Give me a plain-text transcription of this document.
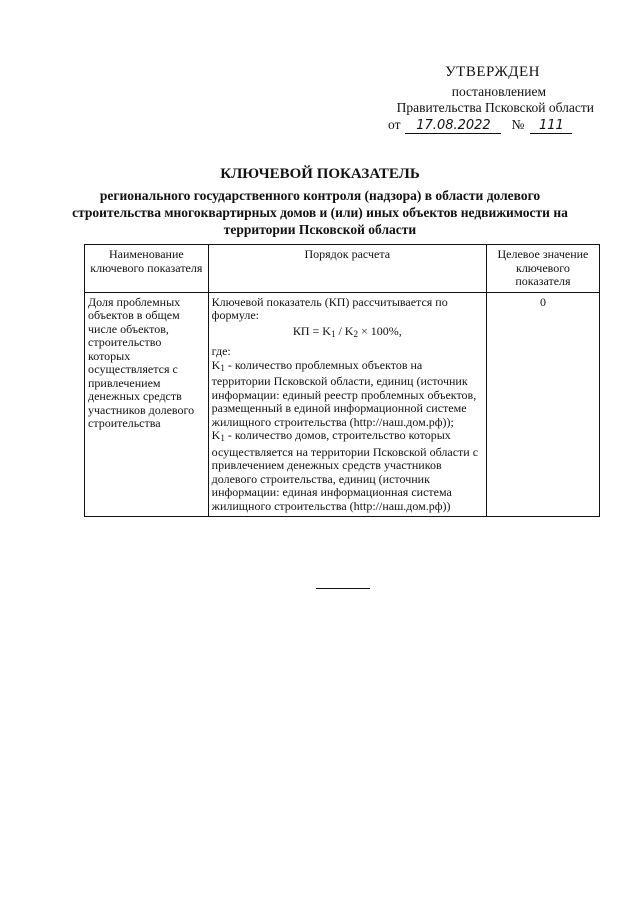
УТВЕРЖДЕН
постановлением
Правительства Псковской области
от	17.08.2022	№	111
КЛЮЧЕВОЙ ПОКАЗАТЕЛЬ
регионального государственного контроля (надзора) в области долевого строительства многоквартирных домов и (или) иных объектов недвижимости на территории Псковской области
Наименование ключевого показателя	Порядок расчета	Целевое значение ключевого показателя
Доля проблемных объектов в общем числе объектов, строительство которых осуществляется с привлечением денежных средств участников долевого строительства	Ключевой показатель (КП) рассчитывается по формуле:
КП = $K_1 / K_2 \times 100\%$,
где:
$K_1$ - количество проблемных объектов на территории Псковской области, единиц (источник информации: единый реестр проблемных объектов, размещенный в единой информационной системе жилищного строительства (http://наш.дом.рф));
$K_1$ - количество домов, строительство которых осуществляется на территории Псковской области с привлечением денежных средств участников долевого строительства, единиц (источник информации: единая информационная система жилищного строительства (http://наш.дом.рф))	0
